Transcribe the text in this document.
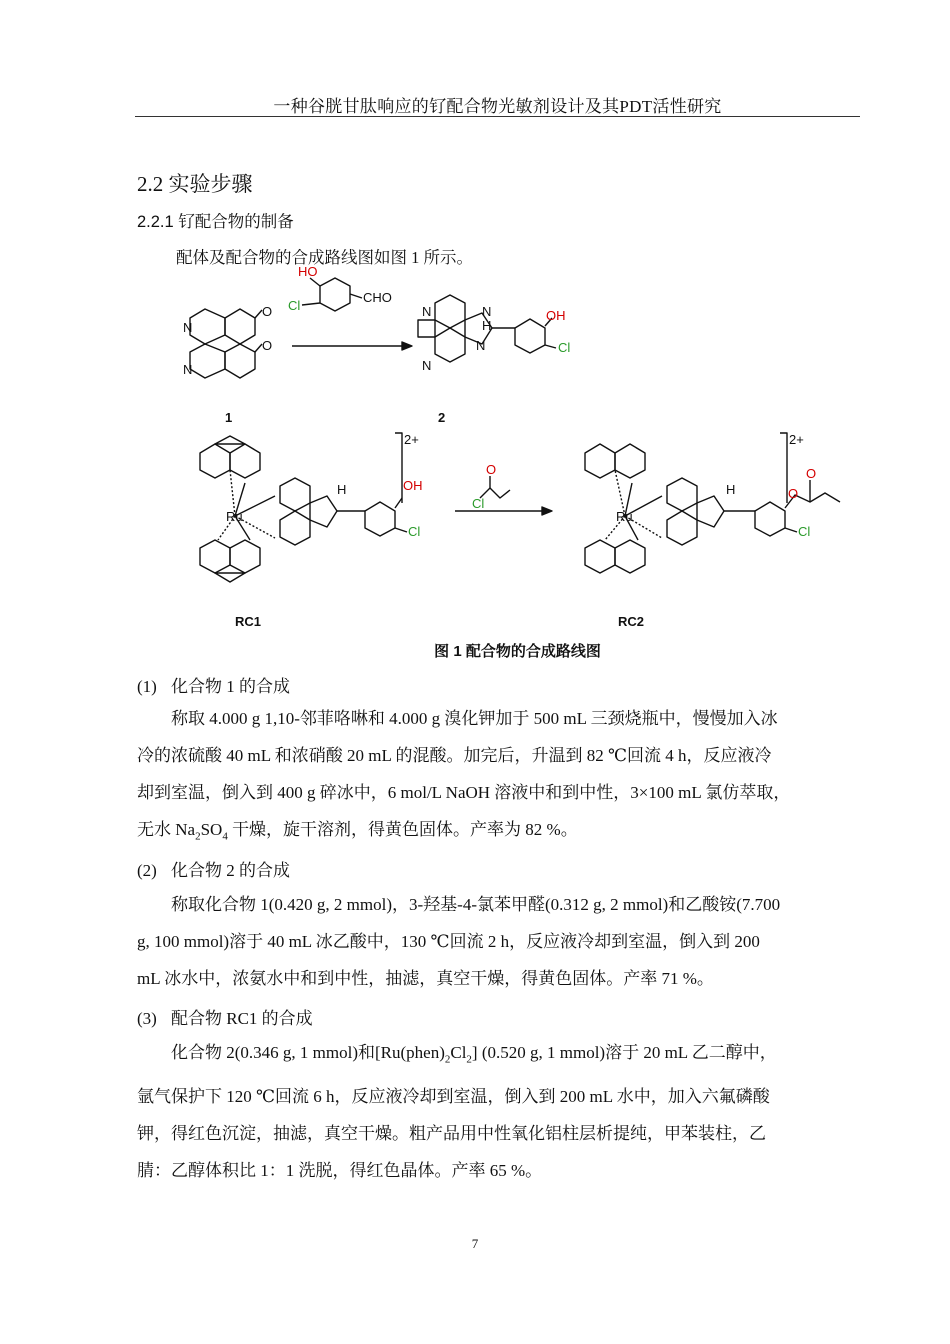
一种谷胱甘肽响应的钌配合物光敏剂设计及其PDT活性研究
2.2 实验步骤
2.2.1 钌配合物的制备
配体及配合物的合成路线图如图 1 所示。
N
N
O
O
HO
Cl
CHO
N
N
N
H
N
OH
Cl
1	2
2+
Ru
H	OH
Cl
Cl
O
2+
Ru
H	O
O
Cl
RC1	RC2
图 1 配合物的合成路线图
(1) 化合物 1 的合成
称取 4.000 g 1,10-邻菲咯啉和 4.000 g 溴化钾加于 500 mL 三颈烧瓶中，慢慢加入冰
冷的浓硫酸 40 mL 和浓硝酸 20 mL 的混酸。加完后，升温到 82 ℃回流 4 h，反应液冷
却到室温，倒入到 400 g 碎冰中，6 mol/L NaOH 溶液中和到中性，3×100 mL 氯仿萃取，
无水 $Na_2SO_4$ 干燥，旋干溶剂，得黄色固体。产率为 82 %。
(2) 化合物 2 的合成
称取化合物 1(0.420 g, 2 mmol)，3-羟基-4-氯苯甲醛(0.312 g, 2 mmol)和乙酸铵(7.700
g, 100 mmol)溶于 40 mL 冰乙酸中，130 ℃回流 2 h，反应液冷却到室温，倒入到 200
mL 冰水中，浓氨水中和到中性，抽滤，真空干燥，得黄色固体。产率 71 %。
(3) 配合物 RC1 的合成
化合物 2(0.346 g, 1 mmol)和$[Ru(phen)_2Cl_2]$ (0.520 g, 1 mmol)溶于 20 mL 乙二醇中，
氩气保护下 120 ℃回流 6 h，反应液冷却到室温，倒入到 200 mL 水中，加入六氟磷酸
钾，得红色沉淀，抽滤，真空干燥。粗产品用中性氧化铝柱层析提纯，甲苯装柱，乙
腈：乙醇体积比 1：1 洗脱，得红色晶体。产率 65 %。
7
